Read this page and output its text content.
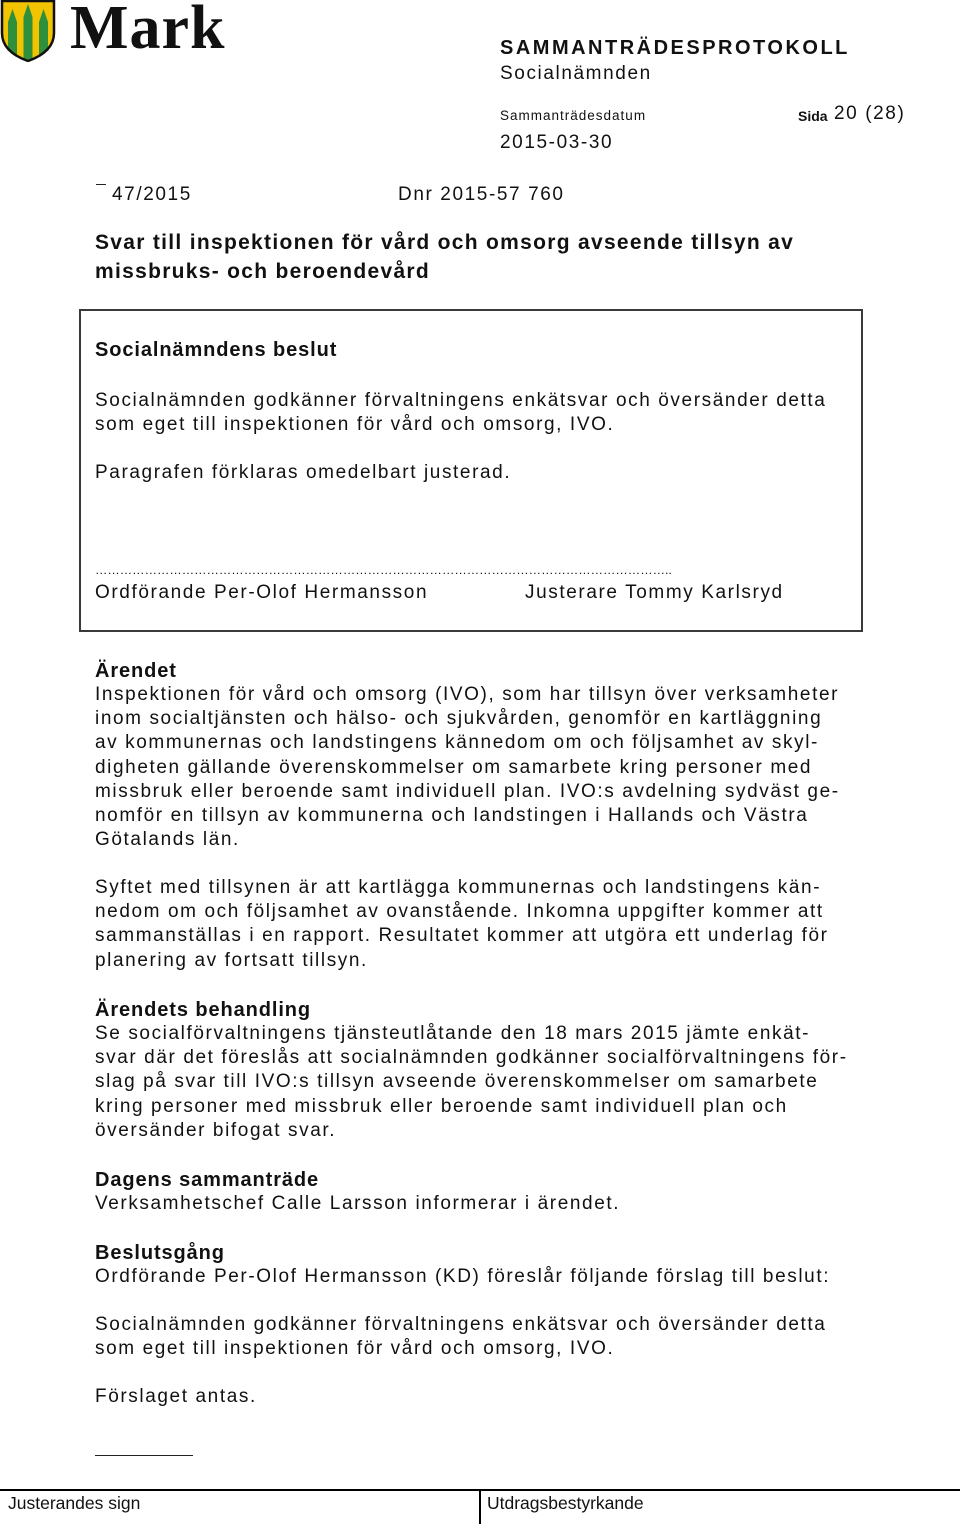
Mark	SAMMANTRÄDESPROTOKOLL
Socialnämnden
Sammanträdesdatum	Sida 20 (28)
2015-03-30
47/2015	Dnr 2015-57 760
Svar till inspektionen för vård och omsorg avseende tillsyn av
missbruks- och beroendevård
Socialnämndens beslut
Socialnämnden godkänner förvaltningens enkätsvar och översänder detta
som eget till inspektionen för vård och omsorg, IVO.
Paragrafen förklaras omedelbart justerad.
…………………………………………………………………………………………………………………………..
Ordförande Per-Olof Hermansson	Justerare Tommy Karlsryd
Ärendet
Inspektionen för vård och omsorg (IVO), som har tillsyn över verksamheter
inom socialtjänsten och hälso- och sjukvården, genomför en kartläggning
av kommunernas och landstingens kännedom om och följsamhet av skyl-
digheten gällande överenskommelser om samarbete kring personer med
missbruk eller beroende samt individuell plan. IVO:s avdelning sydväst ge-
nomför en tillsyn av kommunerna och landstingen i Hallands och Västra
Götalands län.
Syftet med tillsynen är att kartlägga kommunernas och landstingens kän-
nedom om och följsamhet av ovanstående. Inkomna uppgifter kommer att
sammanställas i en rapport. Resultatet kommer att utgöra ett underlag för
planering av fortsatt tillsyn.
Ärendets behandling
Se socialförvaltningens tjänsteutlåtande den 18 mars 2015 jämte enkät-
svar där det föreslås att socialnämnden godkänner socialförvaltningens för-
slag på svar till IVO:s tillsyn avseende överenskommelser om samarbete
kring personer med missbruk eller beroende samt individuell plan och
översänder bifogat svar.
Dagens sammanträde
Verksamhetschef Calle Larsson informerar i ärendet.
Beslutsgång
Ordförande Per-Olof Hermansson (KD) föreslår följande förslag till beslut:
Socialnämnden godkänner förvaltningens enkätsvar och översänder detta
som eget till inspektionen för vård och omsorg, IVO.
Förslaget antas.
Justerandes sign	Utdragsbestyrkande
